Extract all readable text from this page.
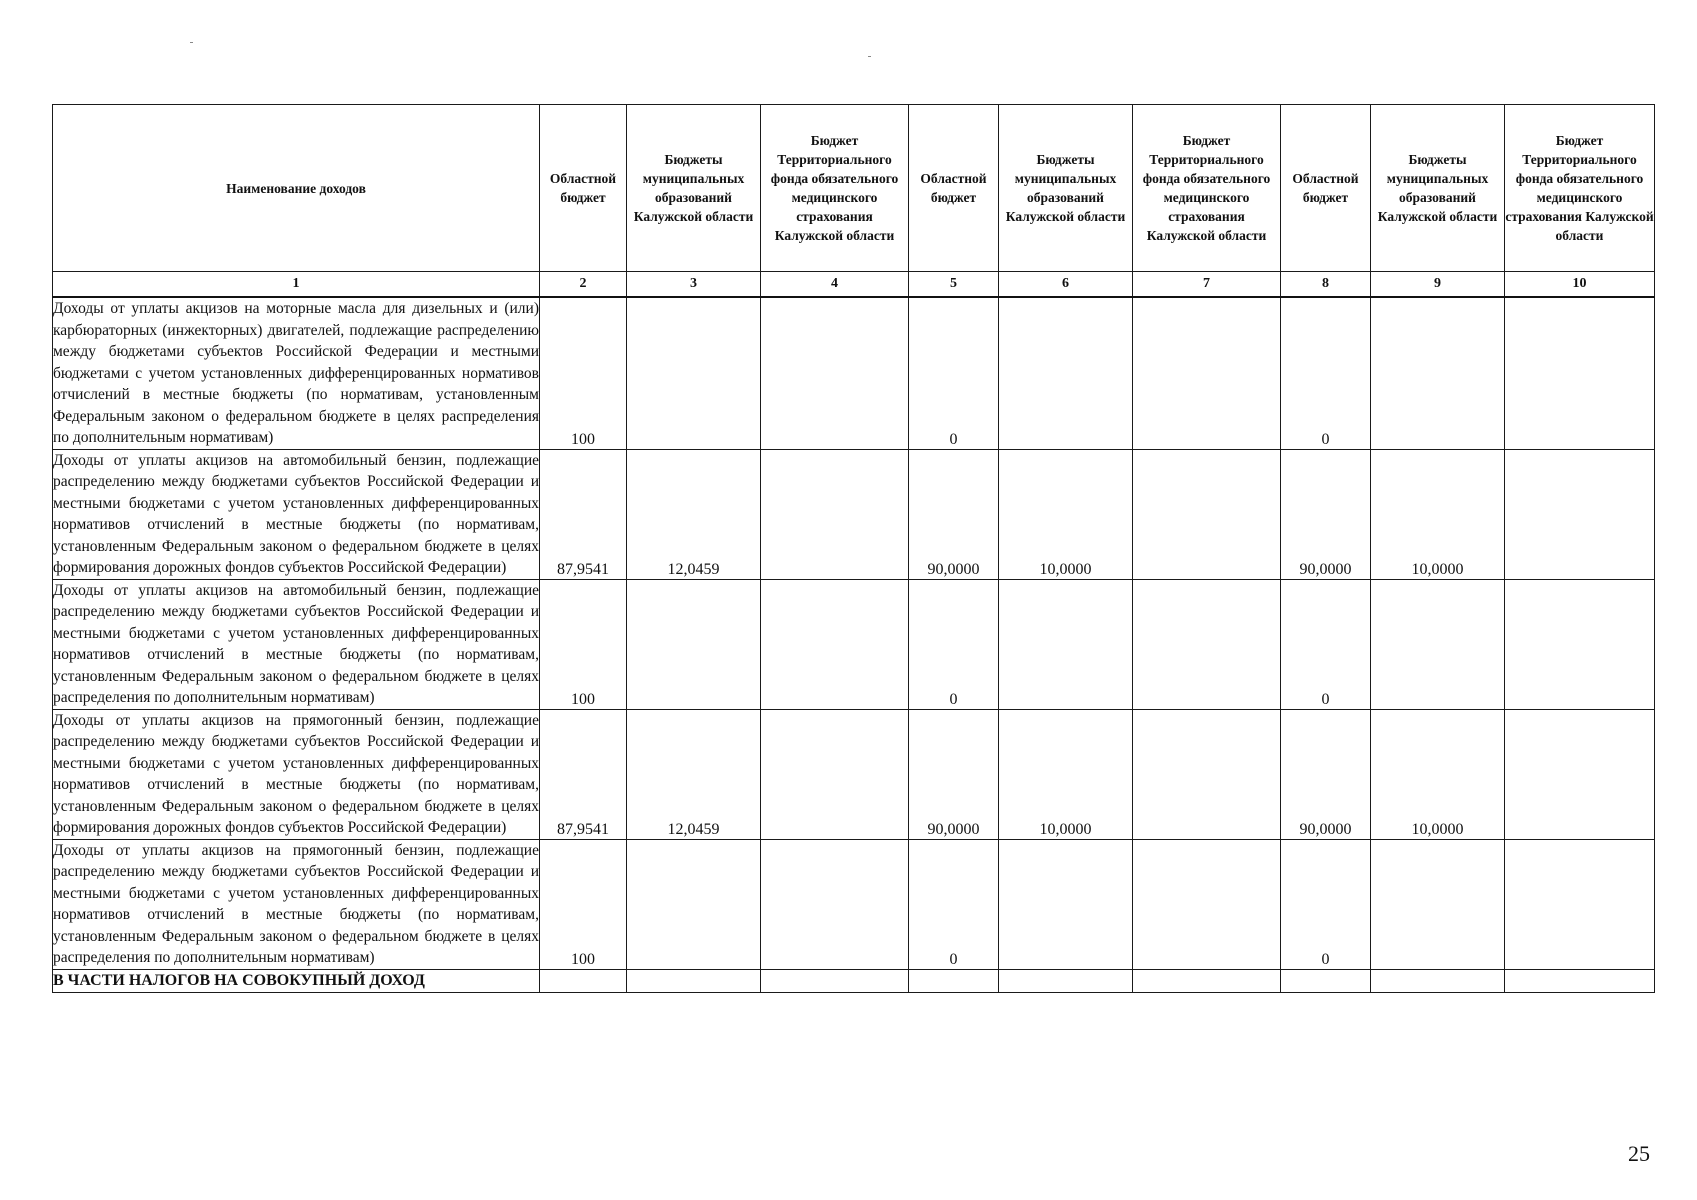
Наименование доходов	Областной бюджет	Бюджеты муниципальных образований Калужской области	Бюджет Территориального фонда обязательного медицинского страхования Калужской области	Областной бюджет	Бюджеты муниципальных образований Калужской области	Бюджет Территориального фонда обязательного медицинского страхования Калужской области	Областной бюджет	Бюджеты муниципальных образований Калужской области	Бюджет Территориального фонда обязательного медицинского страхования Калужской области
1	2	3	4	5	6	7	8	9	10
Доходы от уплаты акцизов на моторные масла для дизельных и (или) карбюраторных (инжекторных) двигателей, подлежащие распределению между бюджетами субъектов Российской Федерации и местными бюджетами с учетом установленных дифференцированных нормативов отчислений в местные бюджеты (по нормативам, установленным Федеральным законом о федеральном бюджете в целях распределения по дополнительным нормативам)	100			0			0		
Доходы от уплаты акцизов на автомобильный бензин, подлежащие распределению между бюджетами субъектов Российской Федерации и местными бюджетами с учетом установленных дифференцированных нормативов отчислений в местные бюджеты (по нормативам, установленным Федеральным законом о федеральном бюджете в целях формирования дорожных фондов субъектов Российской Федерации)	87,9541	12,0459		90,0000	10,0000		90,0000	10,0000	
Доходы от уплаты акцизов на автомобильный бензин, подлежащие распределению между бюджетами субъектов Российской Федерации и местными бюджетами с учетом установленных дифференцированных нормативов отчислений в местные бюджеты (по нормативам, установленным Федеральным законом о федеральном бюджете в целях распределения по дополнительным нормативам)	100			0			0		
Доходы от уплаты акцизов на прямогонный бензин, подлежащие распределению между бюджетами субъектов Российской Федерации и местными бюджетами с учетом установленных дифференцированных нормативов отчислений в местные бюджеты (по нормативам, установленным Федеральным законом о федеральном бюджете в целях формирования дорожных фондов субъектов Российской Федерации)	87,9541	12,0459		90,0000	10,0000		90,0000	10,0000	
Доходы от уплаты акцизов на прямогонный бензин, подлежащие распределению между бюджетами субъектов Российской Федерации и местными бюджетами с учетом установленных дифференцированных нормативов отчислений в местные бюджеты (по нормативам, установленным Федеральным законом о федеральном бюджете в целях распределения по дополнительным нормативам)	100			0			0		
В ЧАСТИ НАЛОГОВ НА СОВОКУПНЫЙ ДОХОД									
25
